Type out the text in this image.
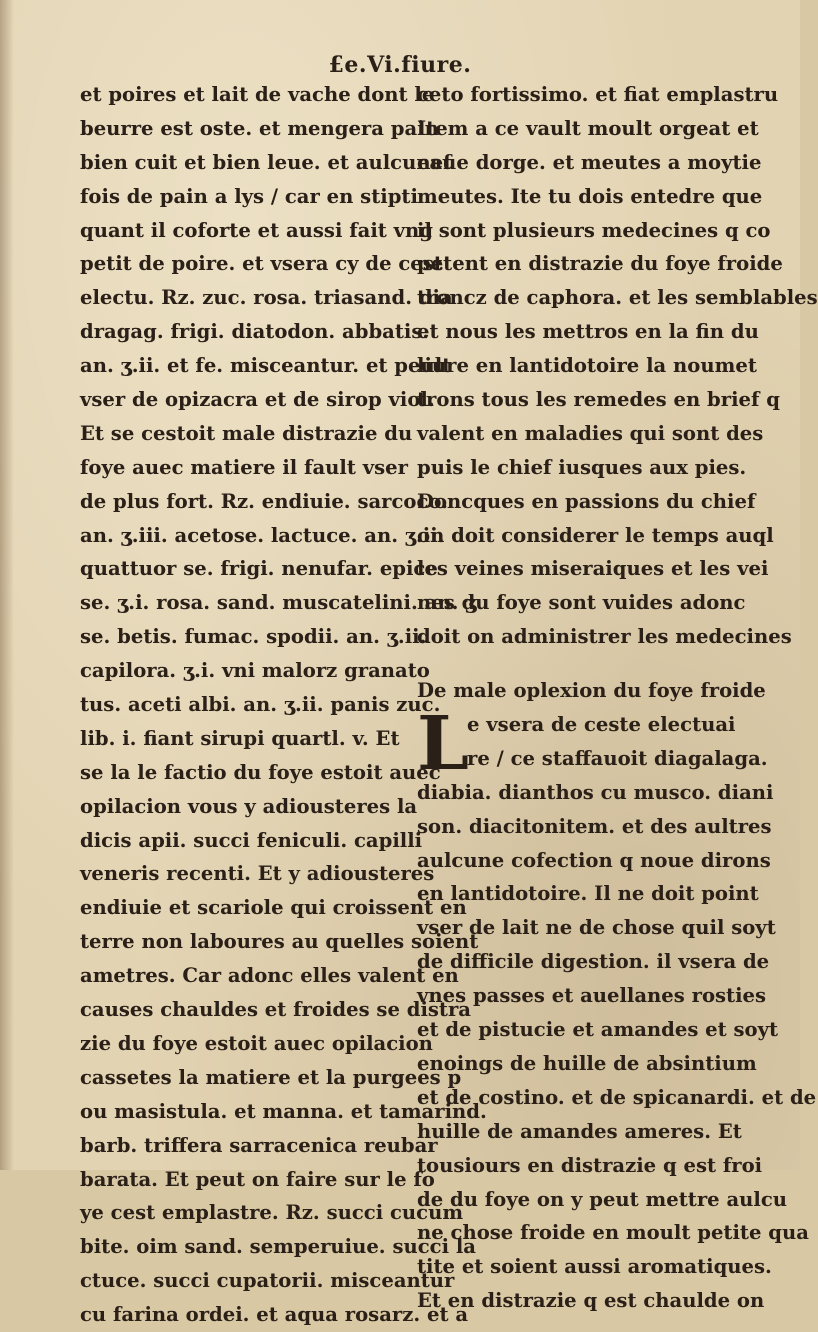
£e.Vi.fiure.
et poires et lait de vache dont le
beurre est oste. et mengera pain
bien cuit et bien leue. et aulcunef
fois de pain a lys / car en stipti
quant il coforte et aussi fait vng
petit de poire. et vsera cy de cest
electu. Rz. zuc. rosa. triasand. dia
dragag. frigi. diatodon. abbatis.
an. ʒ.ii. et fe. misceantur. et peult
vser de opizacra et de sirop viol.
Et se cestoit male distrazie du
foye auec matiere il fault vser
de plus fort. Rz. endiuie. sarcoco.
an. ʒ.iii. acetose. lactuce. an. ʒ.ii.
quattuor se. frigi. nenufar. epice
se. ʒ.i. rosa. sand. muscatelini. an. ʒ
se. betis. fumac. spodii. an. ʒ.ii.
capilora. ʒ.i. vni malorz granato
tus. aceti albi. an. ʒ.ii. panis zuc.
lib. i. fiant sirupi quartl. v. Et
se la le factio du foye estoit auec
opilacion vous y adiousteres la
dicis apii. succi feniculi. capilli
veneris recenti. Et y adiousteres
endiuie et scariole qui croissent en
terre non laboures au quelles soient
ametres. Car adonc elles valent en
causes chauldes et froides se distra
zie du foye estoit auec opilacion
cassetes la matiere et la purgees p
ou masistula. et manna. et tamarind.
barb. triffera sarracenica reubar
barata. Et peut on faire sur le fo
ye cest emplastre. Rz. succi cucum
bite. oim sand. semperuiue. succi la
ctuce. succi cupatorii. misceantur
cu farina ordei. et aqua rosarz. et a
ceto fortissimo. et fiat emplastru
Item a ce vault moult orgeat et
eaue dorge. et meutes a moytie
meutes. Ite tu dois entedre que
il sont plusieurs medecines q co
petent en distrazie du foye froide
troncz de caphora. et les semblables
et nous les mettros en la fin du
liure en lantidotoire la noumet
trons tous les remedes en brief q
valent en maladies qui sont des
puis le chief iusques aux pies.
Doncques en passions du chief
on doit considerer le temps auql
les veines miseraiques et les vei
nes du foye sont vuides adonc
doit on administrer les medecines
De male oplexion du foye froide
L
e vsera de ceste electuai
re / ce staffauoit diagalaga.
diabia. dianthos cu musco. diani
son. diacitonitem. et des aultres
aulcune cofection q noue dirons
en lantidotoire. Il ne doit point
vser de lait ne de chose quil soyt
de difficile digestion. il vsera de
vnes passes et auellanes rosties
et de pistucie et amandes et soyt
enoings de huille de absintium
et de costino. et de spicanardi. et de
huille de amandes ameres. Et
tousiours en distrazie q est froi
de du foye on y peut mettre aulcu
ne chose froide en moult petite qua
tite et soient aussi aromatiques.
Et en distrazie q est chaulde on
